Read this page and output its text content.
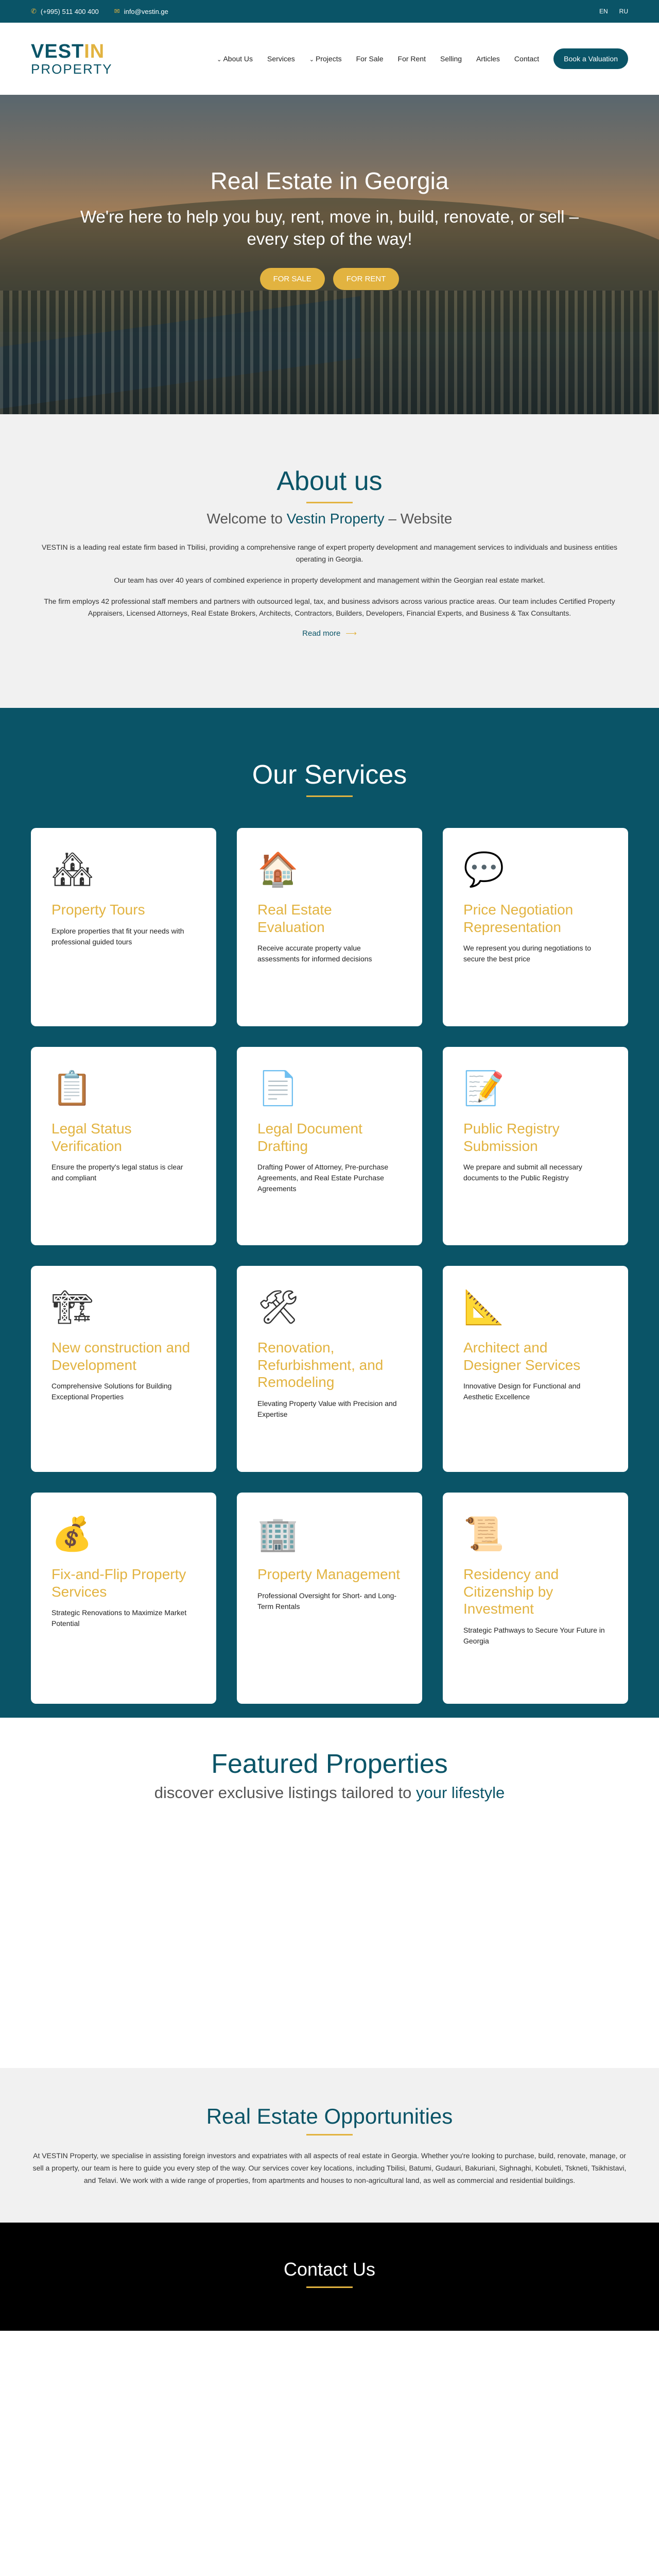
✆ (+995) 511 400 400 ✉ info@vestin.ge	EN RU
VESTIN
PROPERTY
⌄ About Us Services
⌄	Projects For Sale For Rent Selling Articles Contact	Book a Valuation
Real Estate in Georgia

We're here to help you buy, rent, move in, build, renovate, or sell – every step of the way!

FOR SALE	FOR RENT
About us
Welcome to Vestin Property – Website

VESTIN is a leading real estate firm based in Tbilisi, providing a comprehensive range of expert property development and management services to individuals and business entities operating in Georgia.

Our team has over 40 years of combined experience in property development and management within the Georgian real estate market.

The firm employs 42 professional staff members and partners with outsourced legal, tax, and business advisors across various practice areas. Our team includes Certified Property Appraisers, Licensed Attorneys, Real Estate Brokers, Architects, Contractors, Builders, Developers, Financial Experts, and Business & Tax Consultants.

Read more ⟶
Our Services
🏘
Property Tours

Explore properties that fit your needs with professional guided tours

🏠
Real Estate Evaluation

Receive accurate property value assessments for informed decisions

💬
Price Negotiation Representation

We represent you during negotiations to secure the best price

📋
Legal Status Verification

Ensure the property's legal status is clear and compliant

📄
Legal Document Drafting

Drafting Power of Attorney, Pre-purchase Agreements, and Real Estate Purchase Agreements

📝
Public Registry Submission

We prepare and submit all necessary documents to the Public Registry

🏗
New construction and Development

Comprehensive Solutions for Building Exceptional Properties

🛠
Renovation, Refurbishment, and Remodeling

Elevating Property Value with Precision and Expertise

📐
Architect and Designer Services

Innovative Design for Functional and Aesthetic Excellence

💰
Fix-and-Flip Property Services

Strategic Renovations to Maximize Market Potential

🏢
Property Management

Professional Oversight for Short- and Long-Term Rentals

📜
Residency and Citizenship by Investment

Strategic Pathways to Secure Your Future in Georgia

Featured Properties
discover exclusive listings tailored to your lifestyle
Real Estate Opportunities
At VESTIN Property, we specialise in assisting foreign investors and expatriates with all aspects of real estate in Georgia. Whether you're looking to purchase, build, renovate, manage, or sell a property, our team is here to guide you every step of the way. Our services cover key locations, including Tbilisi, Batumi, Gudauri, Bakuriani, Sighnaghi, Kobuleti, Tskneti, Tsikhistavi, and Telavi. We work with a wide range of properties, from apartments and houses to non-agricultural land, as well as commercial and residential buildings.
Contact Us
